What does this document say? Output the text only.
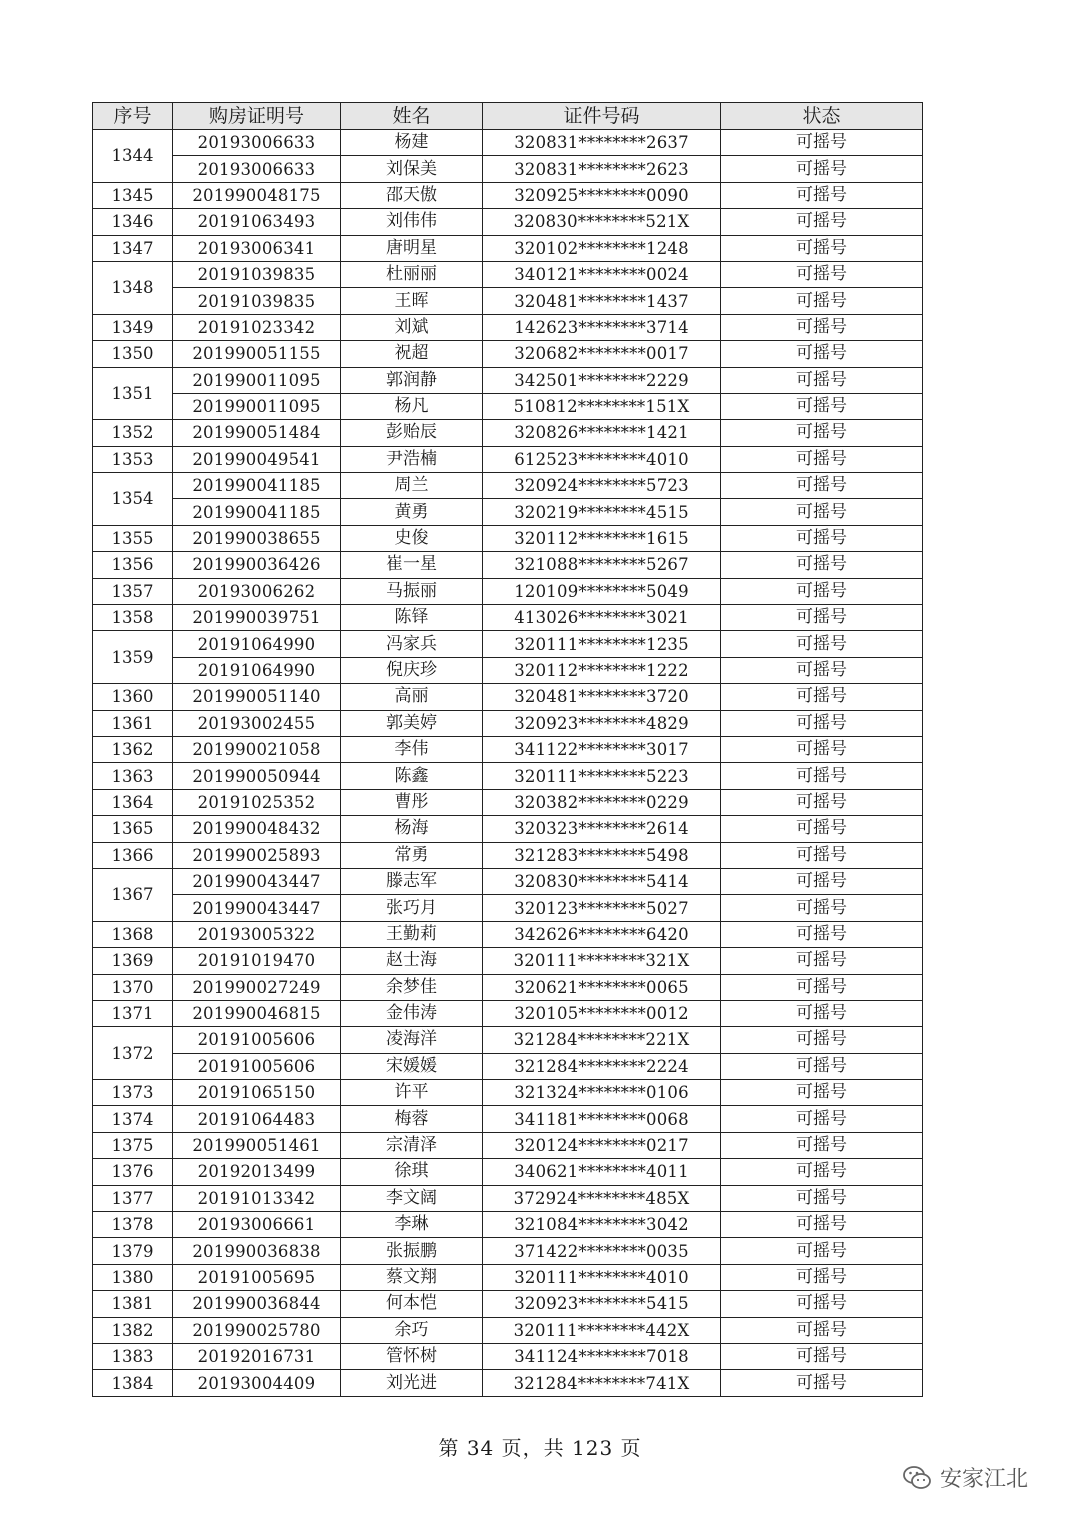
序号	购房证明号	姓名	证件号码	状态
1344	20193006633	杨建	320831********2637	可摇号
	20193006633	刘保美	320831********2623	可摇号
1345	201990048175	邵天傲	320925********0090	可摇号
1346	20191063493	刘伟伟	320830********521X	可摇号
1347	20193006341	唐明星	320102********1248	可摇号
1348	20191039835	杜丽丽	340121********0024	可摇号
	20191039835	王晖	320481********1437	可摇号
1349	20191023342	刘斌	142623********3714	可摇号
1350	201990051155	祝超	320682********0017	可摇号
1351	201990011095	郭润静	342501********2229	可摇号
	201990011095	杨凡	510812********151X	可摇号
1352	201990051484	彭贻辰	320826********1421	可摇号
1353	201990049541	尹浩楠	612523********4010	可摇号
1354	201990041185	周兰	320924********5723	可摇号
	201990041185	黄勇	320219********4515	可摇号
1355	201990038655	史俊	320112********1615	可摇号
1356	201990036426	崔一星	321088********5267	可摇号
1357	20193006262	马振丽	120109********5049	可摇号
1358	201990039751	陈铎	413026********3021	可摇号
1359	20191064990	冯家兵	320111********1235	可摇号
	20191064990	倪庆珍	320112********1222	可摇号
1360	201990051140	高丽	320481********3720	可摇号
1361	20193002455	郭美婷	320923********4829	可摇号
1362	201990021058	李伟	341122********3017	可摇号
1363	201990050944	陈鑫	320111********5223	可摇号
1364	20191025352	曹彤	320382********0229	可摇号
1365	201990048432	杨海	320323********2614	可摇号
1366	201990025893	常勇	321283********5498	可摇号
1367	201990043447	滕志军	320830********5414	可摇号
	201990043447	张巧月	320123********5027	可摇号
1368	20193005322	王勤莉	342626********6420	可摇号
1369	20191019470	赵士海	320111********321X	可摇号
1370	201990027249	余梦佳	320621********0065	可摇号
1371	201990046815	金伟涛	320105********0012	可摇号
1372	20191005606	凌海洋	321284********221X	可摇号
	20191005606	宋媛媛	321284********2224	可摇号
1373	20191065150	许平	321324********0106	可摇号
1374	20191064483	梅蓉	341181********0068	可摇号
1375	201990051461	宗清泽	320124********0217	可摇号
1376	20192013499	徐琪	340621********4011	可摇号
1377	20191013342	李文阔	372924********485X	可摇号
1378	20193006661	李琳	321084********3042	可摇号
1379	201990036838	张振鹏	371422********0035	可摇号
1380	20191005695	蔡文翔	320111********4010	可摇号
1381	201990036844	何本恺	320923********5415	可摇号
1382	201990025780	余巧	320111********442X	可摇号
1383	20192016731	管怀树	341124********7018	可摇号
1384	20193004409	刘光进	321284********741X	可摇号
第 34 页，共 123 页
安家江北
